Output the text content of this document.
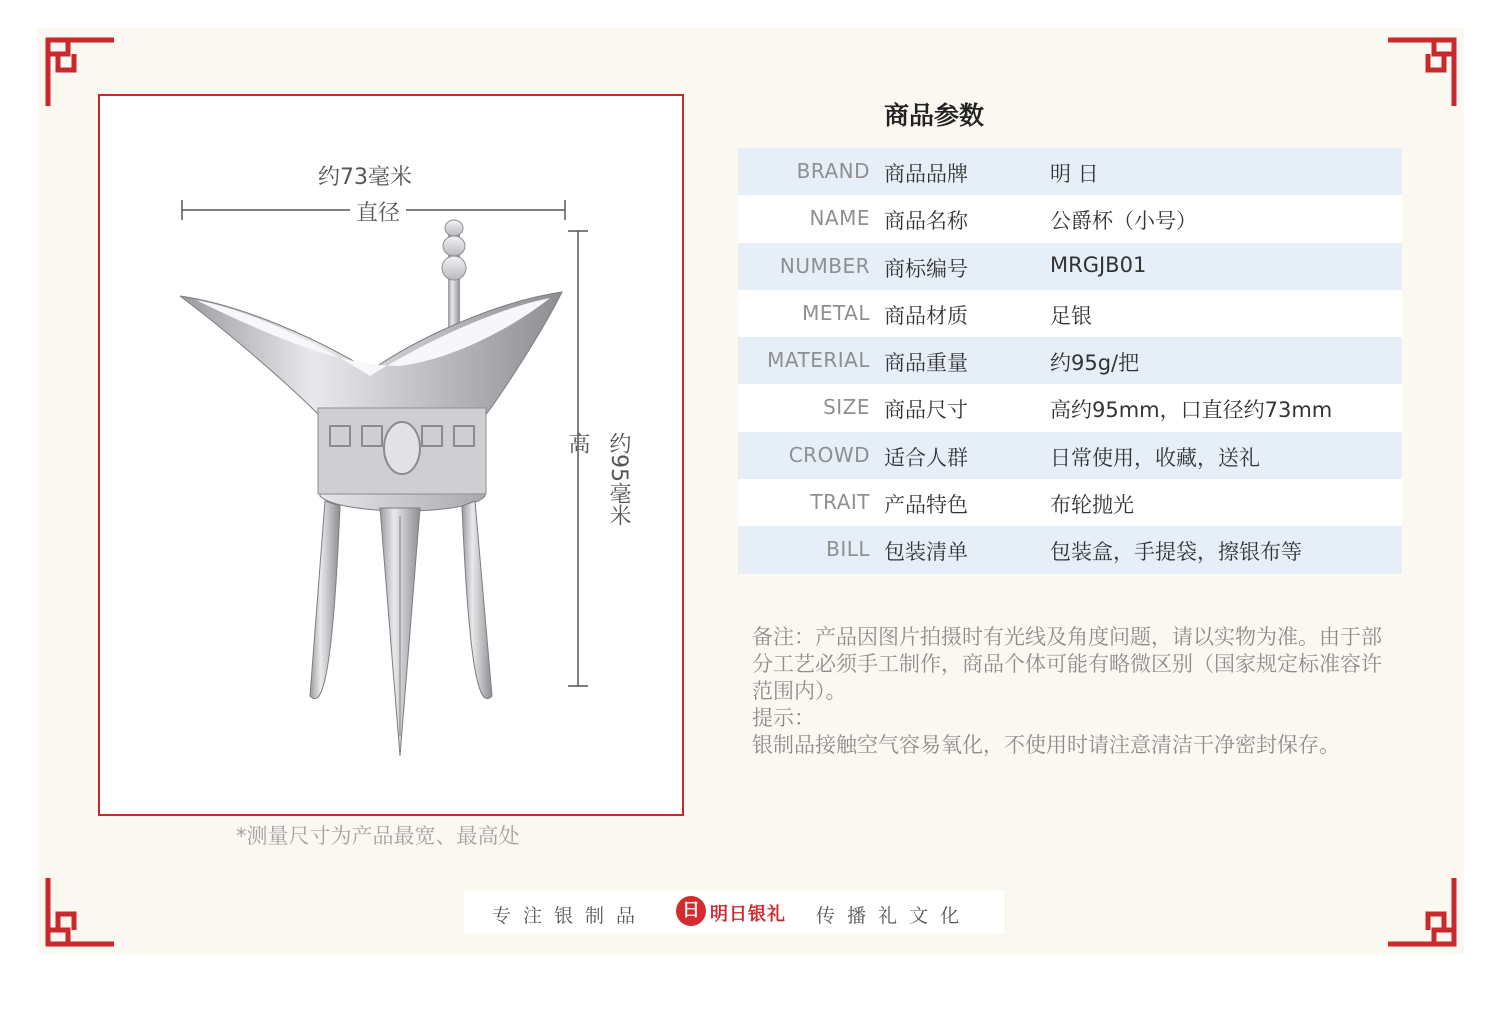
约73毫米
直径
高 约95毫米
*测量尺寸为产品最宽、最高处
商品参数
BRAND 商品品牌	明 日
NAME 商品名称	公爵杯（小号）
NUMBER 商标编号	MRGJB01
METAL 商品材质	足银
MATERIAL 商品重量	约95g/把
SIZE 商品尺寸	高约95mm，口直径约73mm
CROWD 适合人群	日常使用，收藏，送礼
TRAIT 产品特色	布轮抛光
BILL 包装清单	包装盒，手提袋，擦银布等

备注：产品因图片拍摄时有光线及角度问题，请以实物为准。由于部分工艺必须手工制作，商品个体可能有略微区别（国家规定标准容许范围内）。

提示：

银制品接触空气容易氧化，不使用时请注意清洁干净密封保存。

专注银制品	日 明日银礼 传播礼文化
